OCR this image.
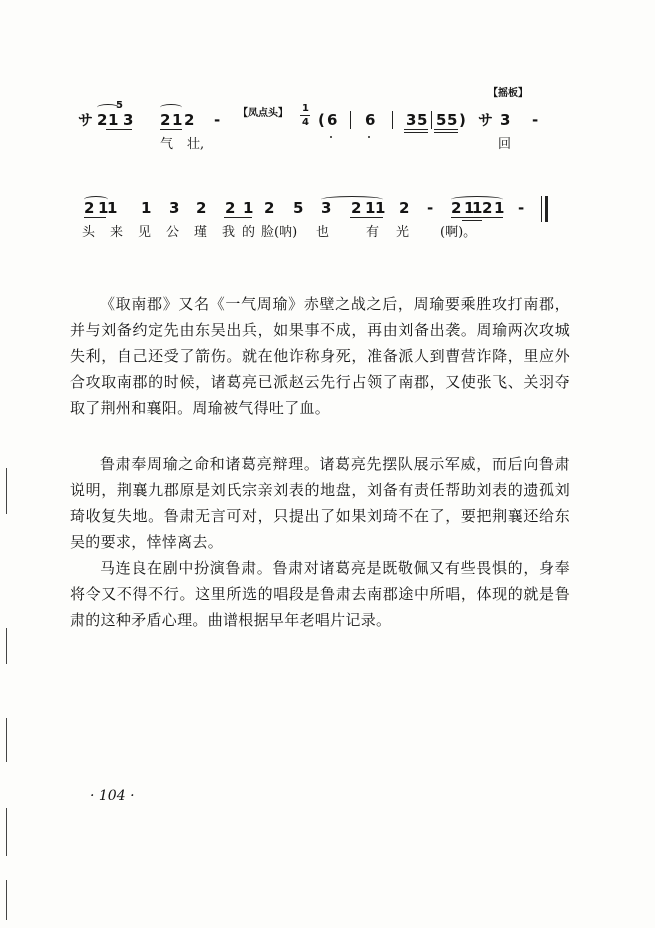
【摇板】
【凤点头】
サ 2 1 3 2 1 2 -	( 6 6 3 5 5 5 ) サ 3 -
气 壮,	回
5	1
4
2 1
1 1 3 2 2 1 2 5 3 2 1 1 2 - 2 1
1 2 1 -
头 来 见 公 瑾 我 的 脸(呐) 也	有 光 (啊)。

《取南郡》又名《一气周瑜》赤壁之战之后，周瑜要乘胜攻打南郡，并与刘备约定先由东吴出兵，如果事不成，再由刘备出袭。周瑜两次攻城失利，自己还受了箭伤。就在他诈称身死，准备派人到曹营诈降，里应外合攻取南郡的时候，诸葛亮已派赵云先行占领了南郡，又使张飞、关羽夺取了荆州和襄阳。周瑜被气得吐了血。

鲁肃奉周瑜之命和诸葛亮辩理。诸葛亮先摆队展示军威，而后向鲁肃说明，荆襄九郡原是刘氏宗亲刘表的地盘，刘备有责任帮助刘表的遗孤刘琦收复失地。鲁肃无言可对，只提出了如果刘琦不在了，要把荆襄还给东吴的要求，悻悻离去。

马连良在剧中扮演鲁肃。鲁肃对诸葛亮是既敬佩又有些畏惧的，身奉将令又不得不行。这里所选的唱段是鲁肃去南郡途中所唱，体现的就是鲁肃的这种矛盾心理。曲谱根据早年老唱片记录。

· 104 ·
